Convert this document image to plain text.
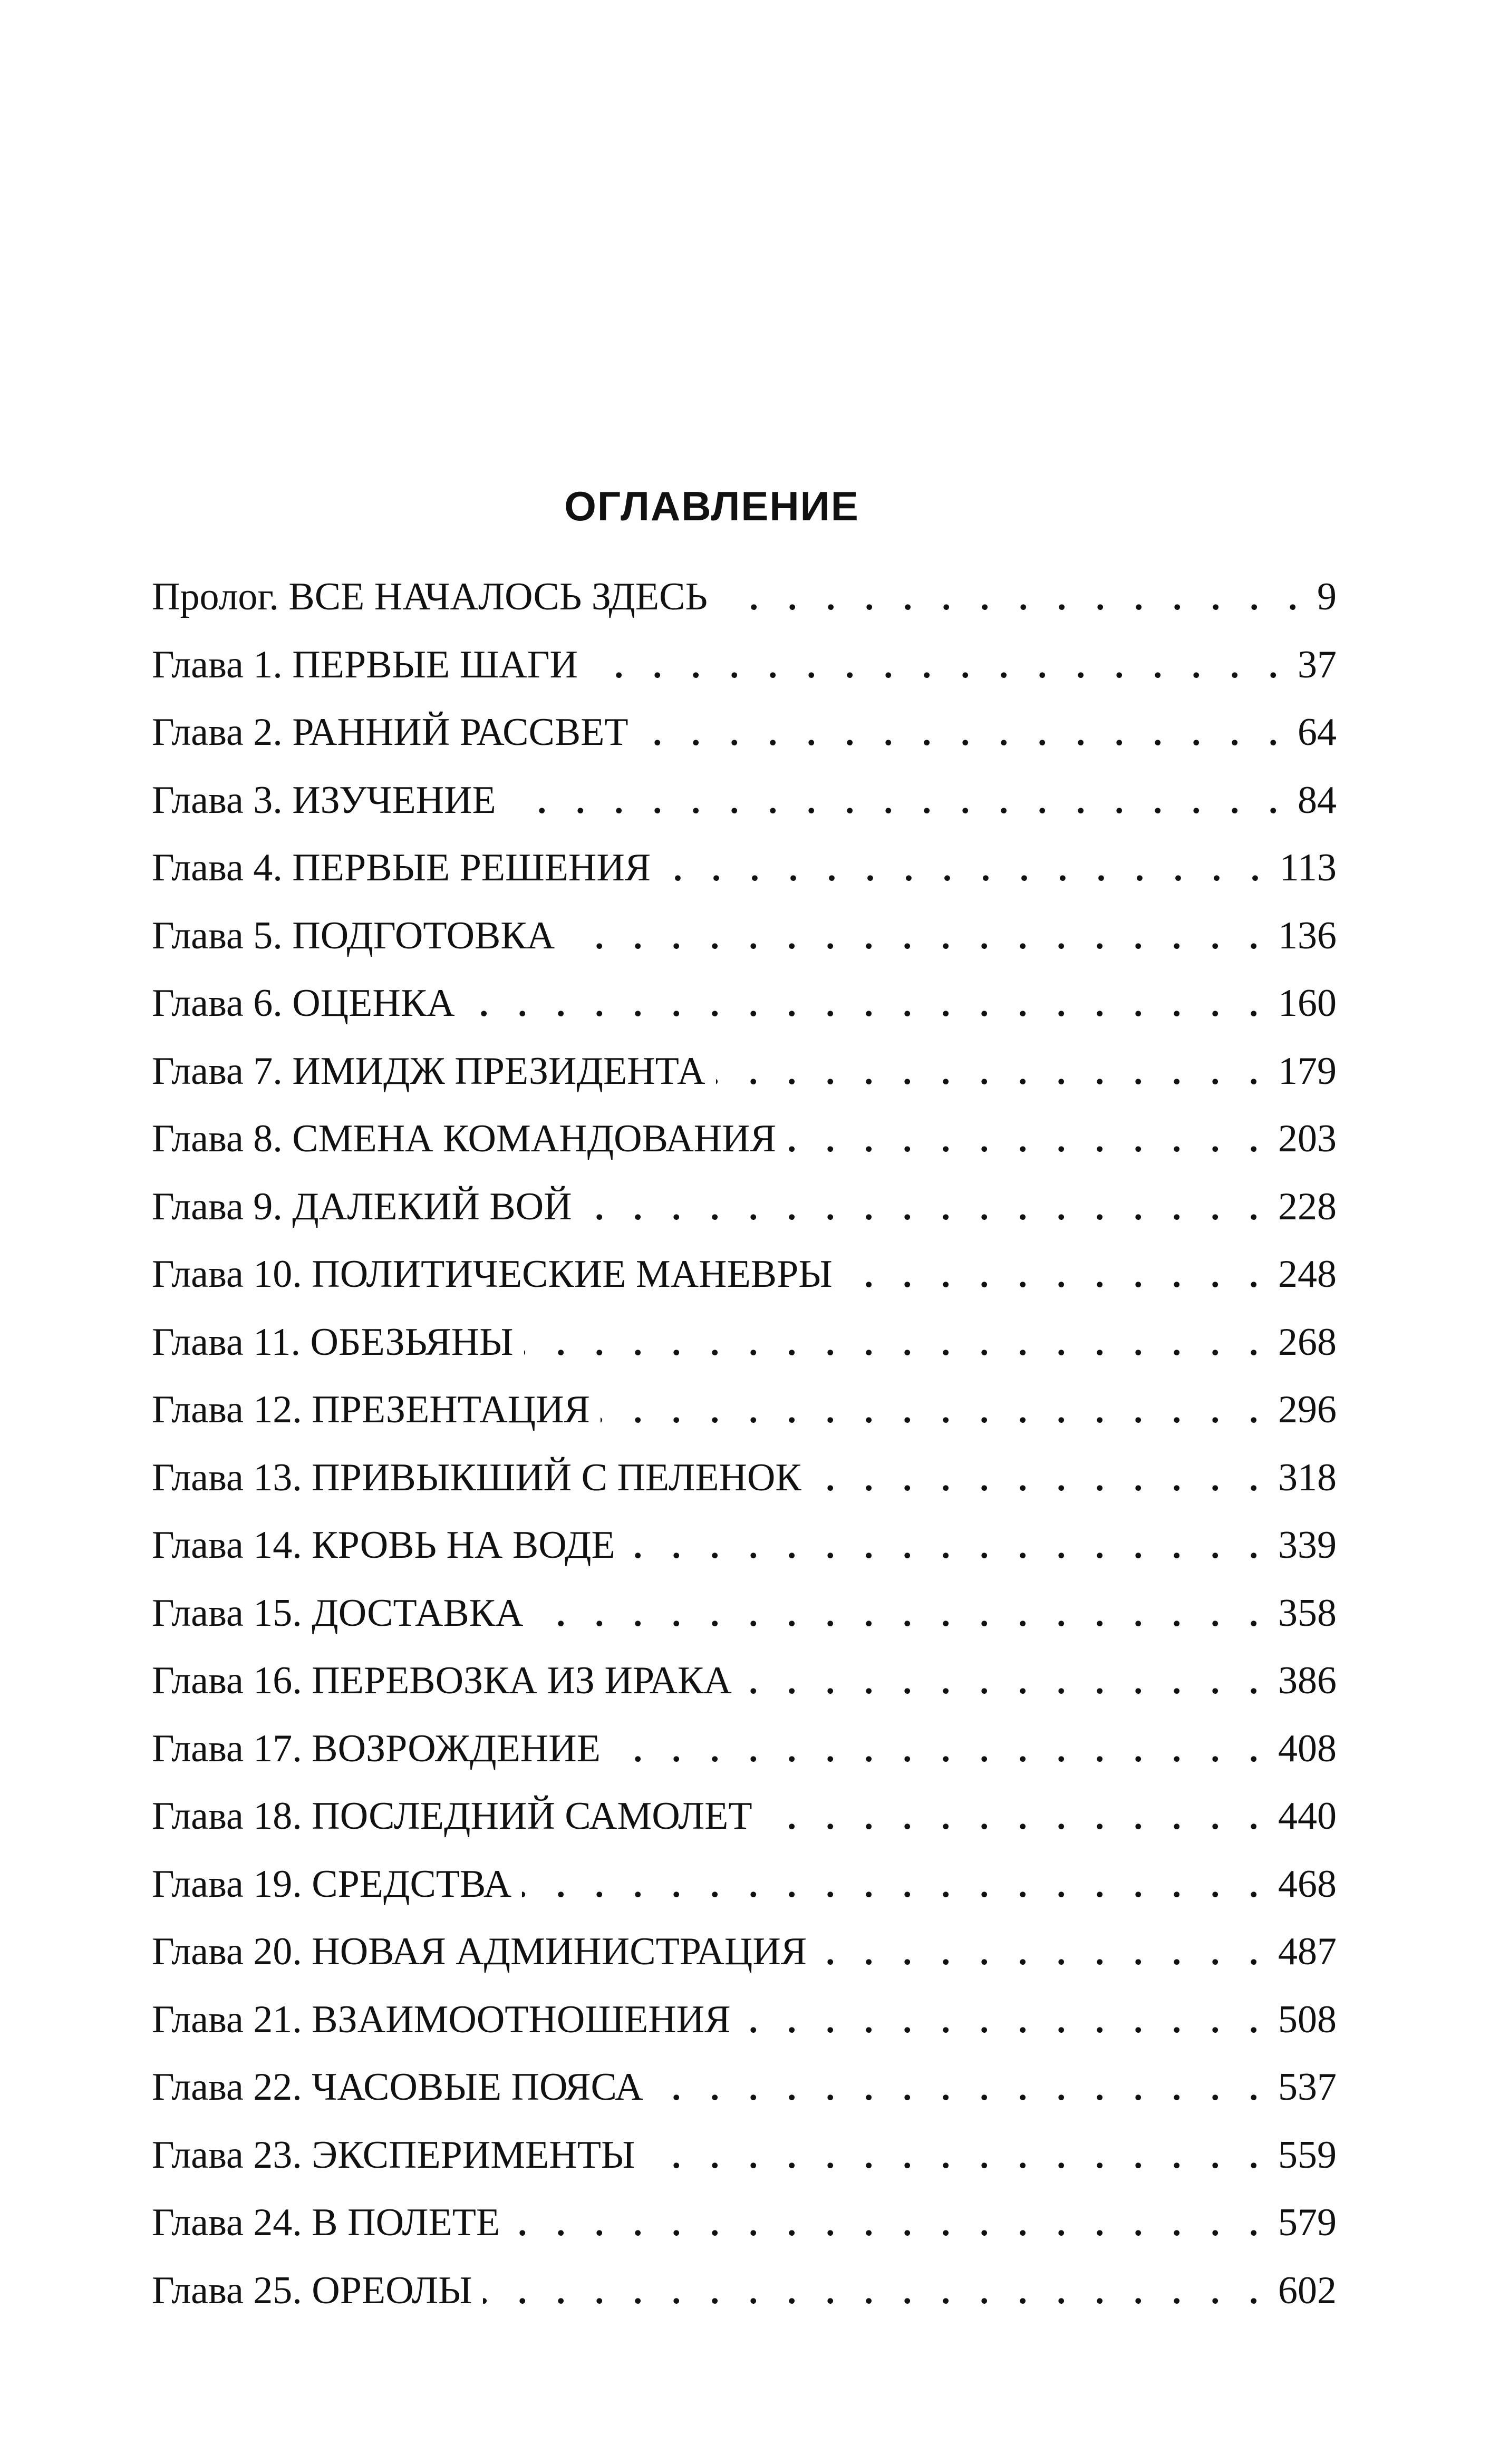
ОГЛАВЛЕНИЕ
Пролог. ВСЕ НАЧАЛОСЬ ЗДЕСЬ . . .	9
Глава 1. ПЕРВЫЕ ШАГИ . . .	37
Глава 2. РАННИЙ РАССВЕТ . . .	64
Глава 3. ИЗУЧЕНИЕ . . .	84
Глава 4. ПЕРВЫЕ РЕШЕНИЯ . . .	113
Глава 5. ПОДГОТОВКА . . .	136
Глава 6. ОЦЕНКА . . .	160
Глава 7. ИМИДЖ ПРЕЗИДЕНТА . . .	179
Глава 8. СМЕНА КОМАНДОВАНИЯ . . .	203
Глава 9. ДАЛЕКИЙ ВОЙ . . .	228
Глава 10. ПОЛИТИЧЕСКИЕ МАНЕВРЫ . . .	248
Глава 11. ОБЕЗЬЯНЫ . . .	268
Глава 12. ПРЕЗЕНТАЦИЯ . . .	296
Глава 13. ПРИВЫКШИЙ С ПЕЛЕНОК . . .	318
Глава 14. КРОВЬ НА ВОДЕ . . .	339
Глава 15. ДОСТАВКА . . .	358
Глава 16. ПЕРЕВОЗКА ИЗ ИРАКА . . .	386
Глава 17. ВОЗРОЖДЕНИЕ . . .	408
Глава 18. ПОСЛЕДНИЙ САМОЛЕТ . . .	440
Глава 19. СРЕДСТВА . . .	468
Глава 20. НОВАЯ АДМИНИСТРАЦИЯ . . .	487
Глава 21. ВЗАИМООТНОШЕНИЯ . . .	508
Глава 22. ЧАСОВЫЕ ПОЯСА . . .	537
Глава 23. ЭКСПЕРИМЕНТЫ . . .	559
Глава 24. В ПОЛЕТЕ . . .	579
Глава 25. ОРЕОЛЫ . . .	602
